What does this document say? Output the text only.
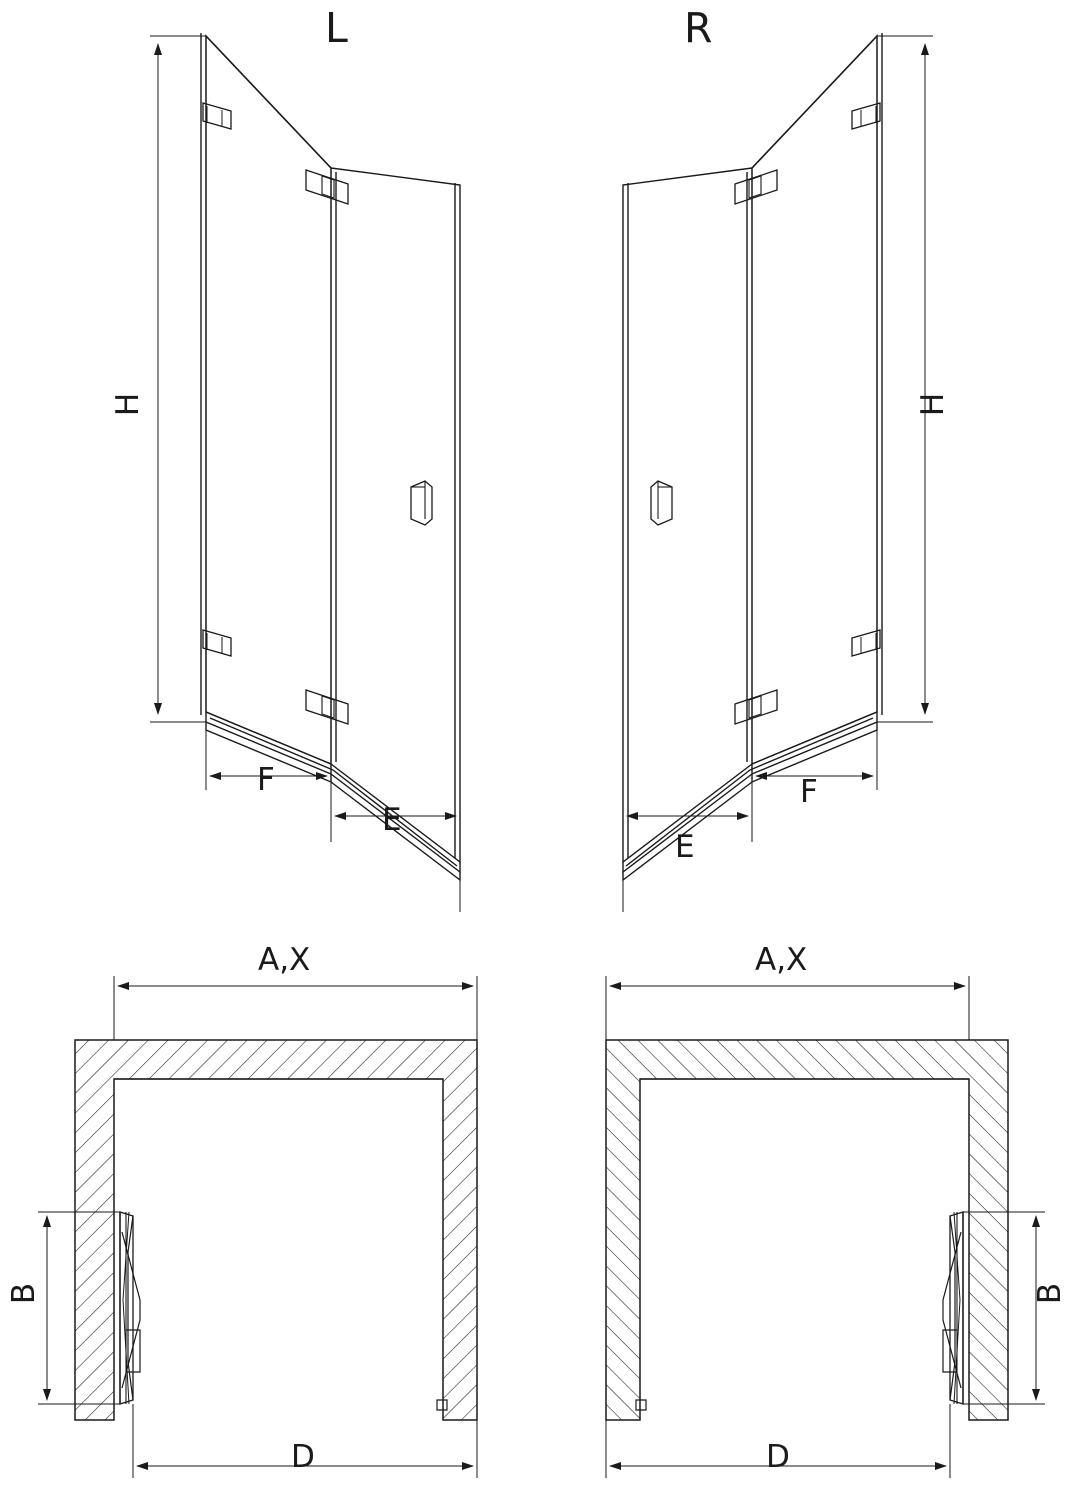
L	R
H
F
E
H
F
E
A,X
B
D
A,X
B
D
